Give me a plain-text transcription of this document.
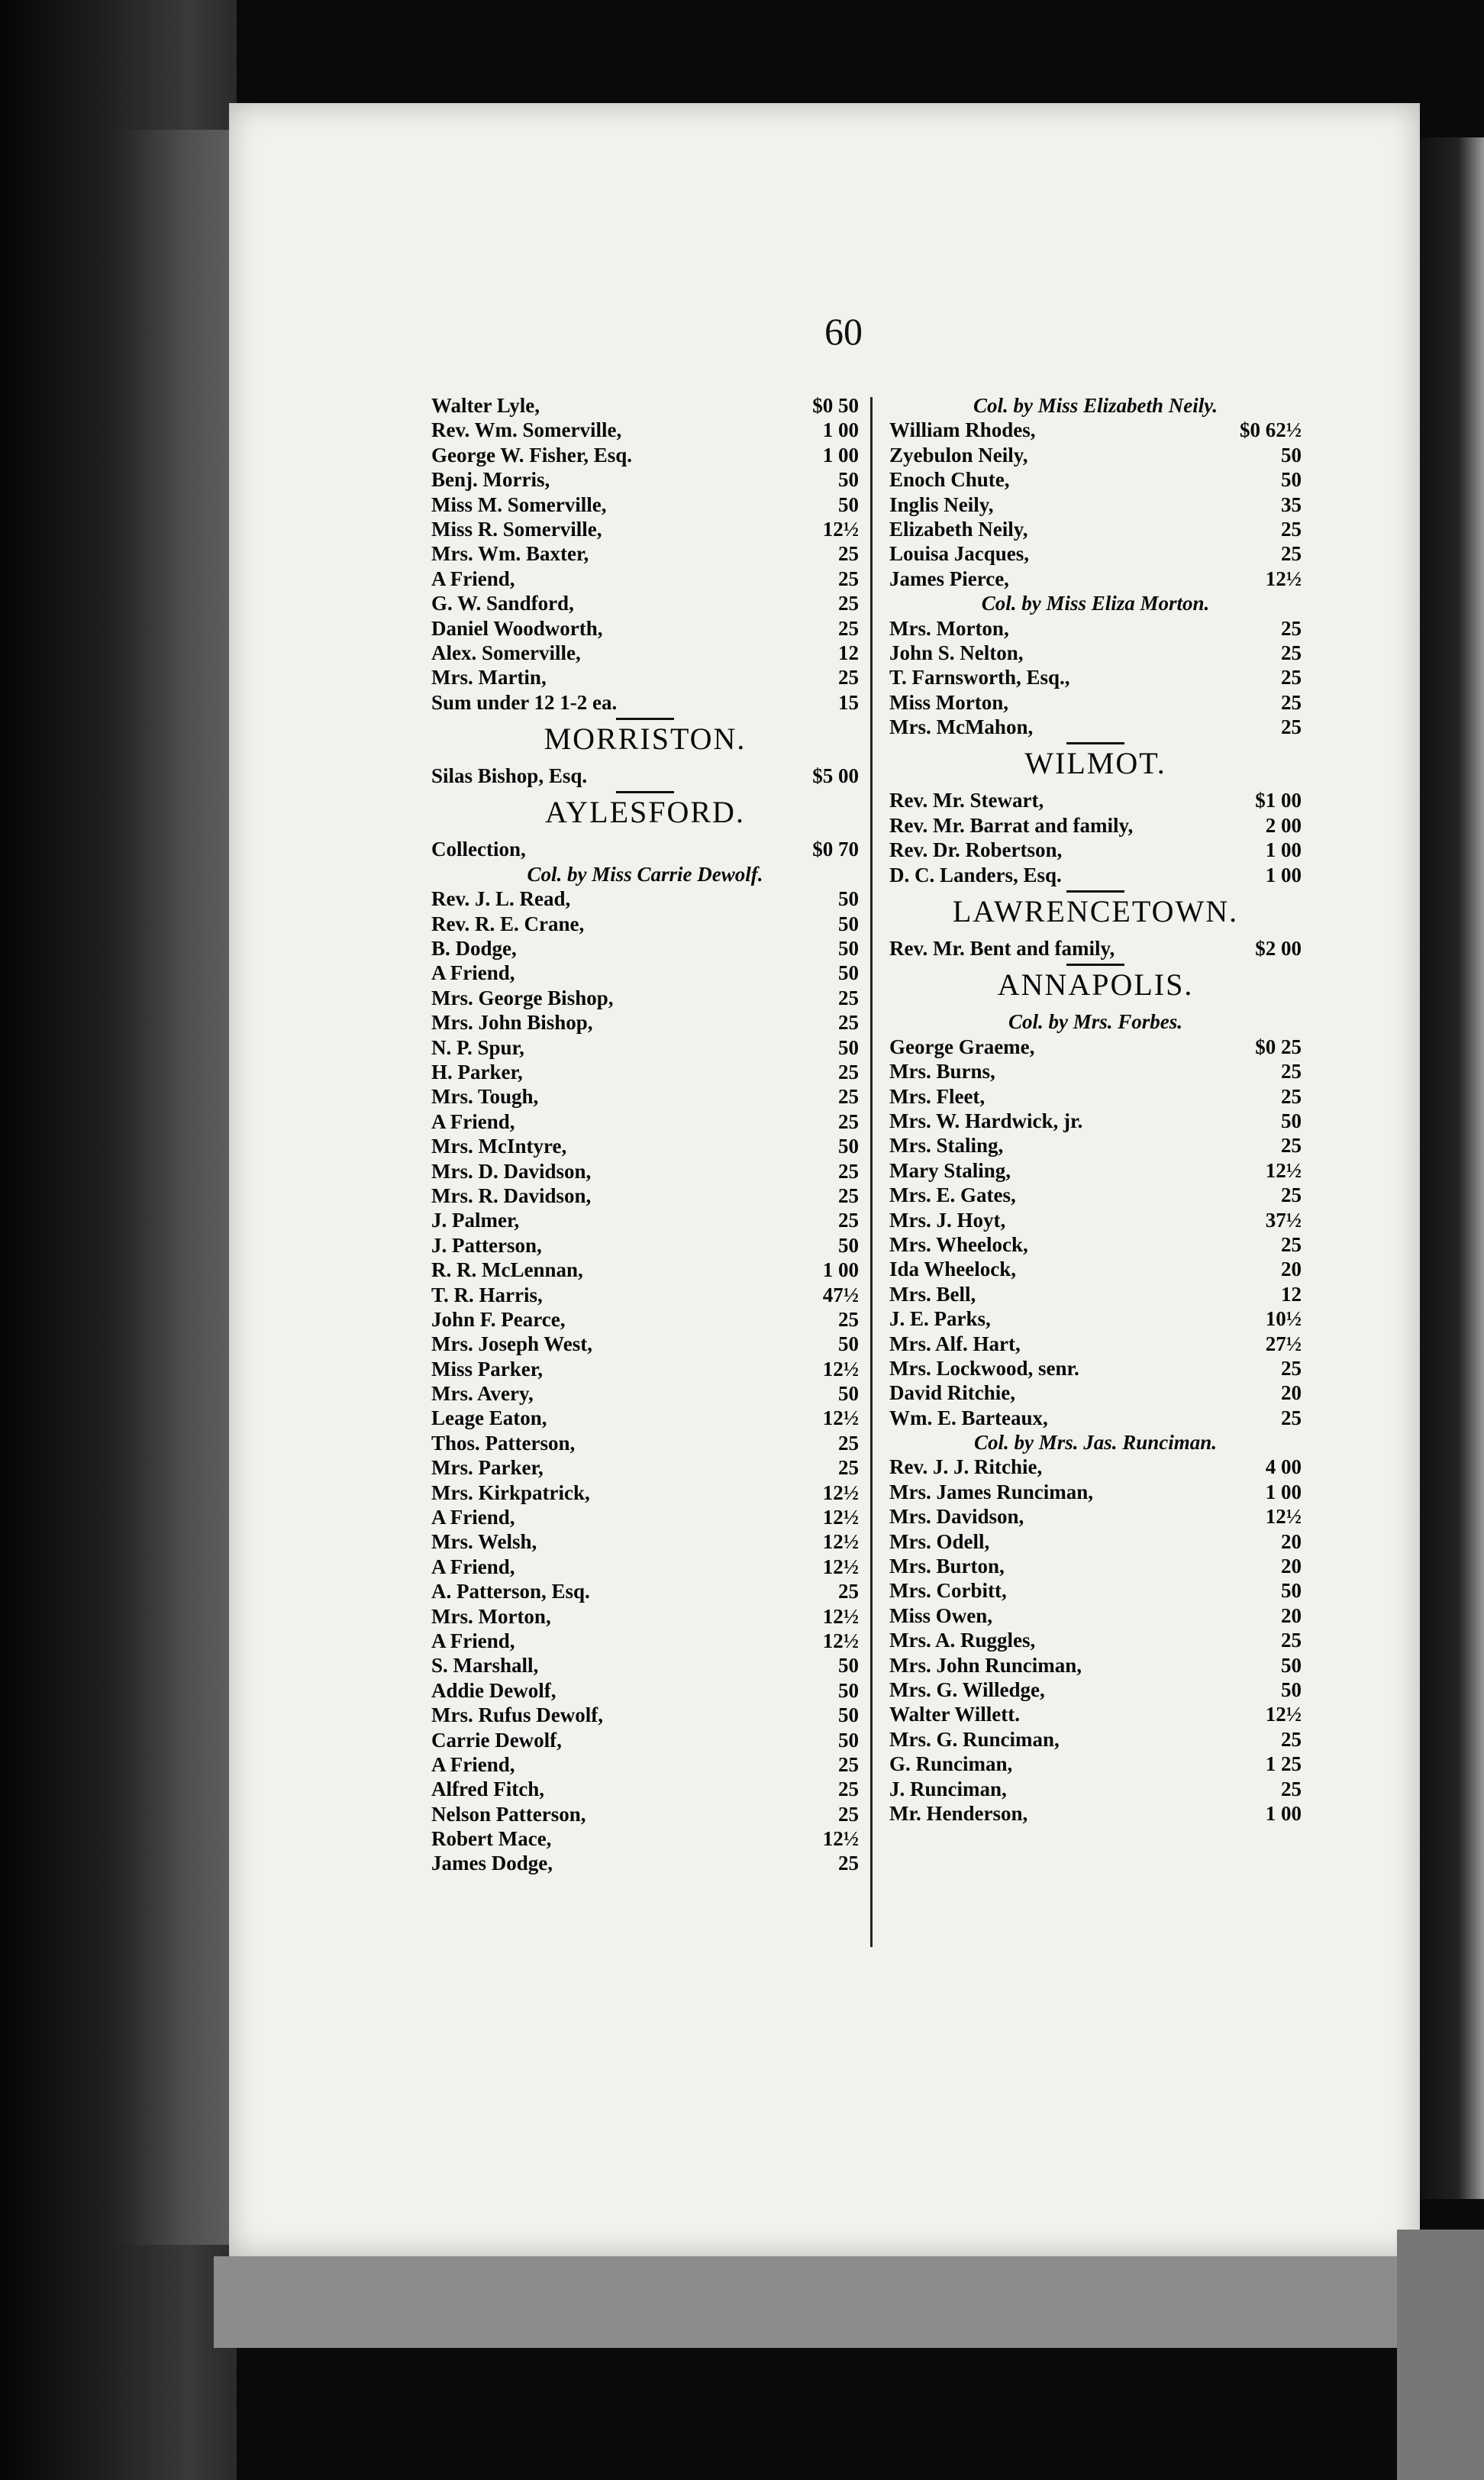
60
Walter Lyle,	$0 50
Rev. Wm. Somerville,	1 00
George W. Fisher, Esq.	1 00
Benj. Morris,	50
Miss M. Somerville,	50
Miss R. Somerville,	12½
Mrs. Wm. Baxter,	25
A Friend,	25
G. W. Sandford,	25
Daniel Woodworth,	25
Alex. Somerville,	12
Mrs. Martin,	25
Sum under 12 1-2 ea.	15
MORRISTON.
Silas Bishop, Esq.	$5 00
AYLESFORD.
Collection,	$0 70
Col. by Miss Carrie Dewolf.
Rev. J. L. Read,	50
Rev. R. E. Crane,	50
B. Dodge,	50
A Friend,	50
Mrs. George Bishop,	25
Mrs. John Bishop,	25
N. P. Spur,	50
H. Parker,	25
Mrs. Tough,	25
A Friend,	25
Mrs. McIntyre,	50
Mrs. D. Davidson,	25
Mrs. R. Davidson,	25
J. Palmer,	25
J. Patterson,	50
R. R. McLennan,	1 00
T. R. Harris,	47½
John F. Pearce,	25
Mrs. Joseph West,	50
Miss Parker,	12½
Mrs. Avery,	50
Leage Eaton,	12½
Thos. Patterson,	25
Mrs. Parker,	25
Mrs. Kirkpatrick,	12½
A Friend,	12½
Mrs. Welsh,	12½
A Friend,	12½
A. Patterson, Esq.	25
Mrs. Morton,	12½
A Friend,	12½
S. Marshall,	50
Addie Dewolf,	50
Mrs. Rufus Dewolf,	50
Carrie Dewolf,	50
A Friend,	25
Alfred Fitch,	25
Nelson Patterson,	25
Robert Mace,	12½
James Dodge,	25
Col. by Miss Elizabeth Neily.
William Rhodes,	$0 62½
Zyebulon Neily,	50
Enoch Chute,	50
Inglis Neily,	35
Elizabeth Neily,	25
Louisa Jacques,	25
James Pierce,	12½
Col. by Miss Eliza Morton.
Mrs. Morton,	25
John S. Nelton,	25
T. Farnsworth, Esq.,	25
Miss Morton,	25
Mrs. McMahon,	25
WILMOT.
Rev. Mr. Stewart,	$1 00
Rev. Mr. Barrat and family,	2 00
Rev. Dr. Robertson,	1 00
D. C. Landers, Esq.	1 00
LAWRENCETOWN.
Rev. Mr. Bent and family,	$2 00
ANNAPOLIS.
Col. by Mrs. Forbes.
George Graeme,	$0 25
Mrs. Burns,	25
Mrs. Fleet,	25
Mrs. W. Hardwick, jr.	50
Mrs. Staling,	25
Mary Staling,	12½
Mrs. E. Gates,	25
Mrs. J. Hoyt,	37½
Mrs. Wheelock,	25
Ida Wheelock,	20
Mrs. Bell,	12
J. E. Parks,	10½
Mrs. Alf. Hart,	27½
Mrs. Lockwood, senr.	25
David Ritchie,	20
Wm. E. Barteaux,	25
Col. by Mrs. Jas. Runciman.
Rev. J. J. Ritchie,	4 00
Mrs. James Runciman,	1 00
Mrs. Davidson,	12½
Mrs. Odell,	20
Mrs. Burton,	20
Mrs. Corbitt,	50
Miss Owen,	20
Mrs. A. Ruggles,	25
Mrs. John Runciman,	50
Mrs. G. Willedge,	50
Walter Willett.	12½
Mrs. G. Runciman,	25
G. Runciman,	1 25
J. Runciman,	25
Mr. Henderson,	1 00
